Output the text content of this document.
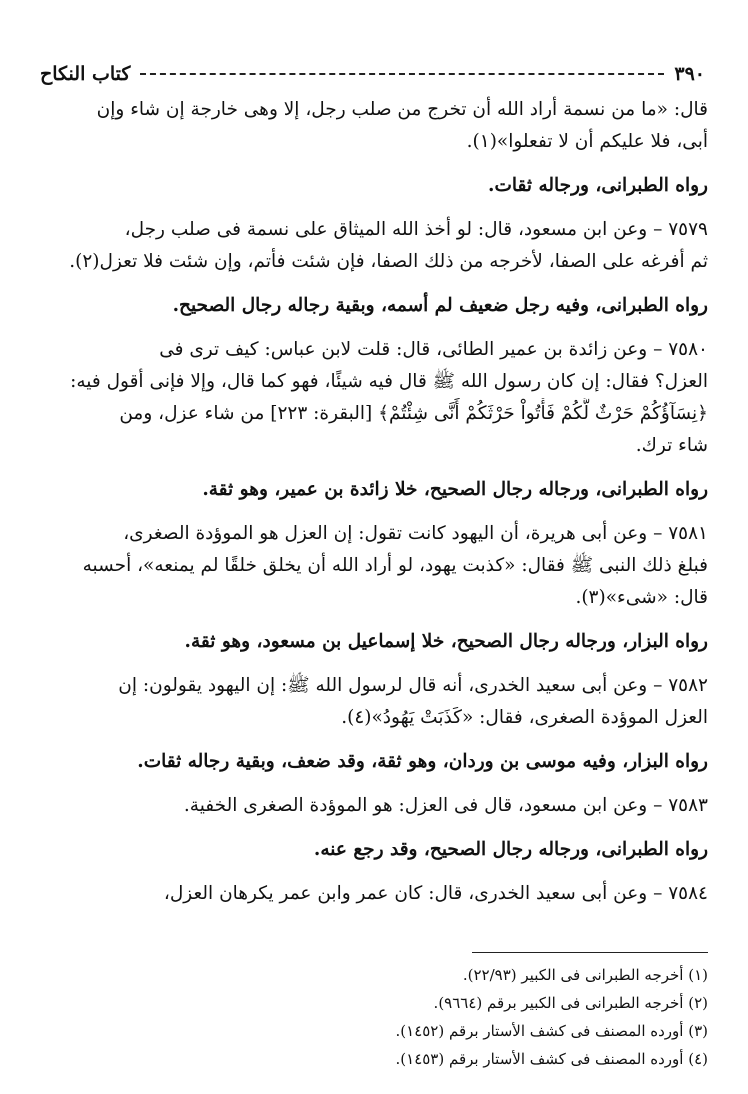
٣٩٠
كتاب النكاح

قال: «ما من نسمة أراد الله أن تخرج من صلب رجل، إلا وهى خارجة إن شاء وإن

أبى، فلا عليكم أن لا تفعلوا»(١).

رواه الطبرانى، ورجاله ثقات.

٧٥٧٩ – وعن ابن مسعود، قال: لو أخذ الله الميثاق على نسمة فى صلب رجل،

ثم أفرغه على الصفا، لأخرجه من ذلك الصفا، فإن شئت فأتم، وإن شئت فلا تعزل(٢).

رواه الطبرانى، وفيه رجل ضعيف لم أسمه، وبقية رجاله رجال الصحيح.

٧٥٨٠ – وعن زائدة بن عمير الطائى، قال: قلت لابن عباس: كيف ترى فى

العزل؟ فقال: إن كان رسول الله ﷺ قال فيه شيئًا، فهو كما قال، وإلا فإنى أقول فيه:

﴿نِسَآؤُكُمْ حَرْثٌ لَّكُمْ فَأْتُواْ حَرْثَكُمْ أَنَّى شِئْتُمْ﴾ [البقرة: ٢٢٣] من شاء عزل، ومن

شاء ترك.

رواه الطبرانى، ورجاله رجال الصحيح، خلا زائدة بن عمير، وهو ثقة.

٧٥٨١ – وعن أبى هريرة، أن اليهود كانت تقول: إن العزل هو الموؤدة الصغرى،

فبلغ ذلك النبى ﷺ فقال: «كذبت يهود، لو أراد الله أن يخلق خلقًا لم يمنعه»، أحسبه

قال: «شىء»(٣).

رواه البزار، ورجاله رجال الصحيح، خلا إسماعيل بن مسعود، وهو ثقة.

٧٥٨٢ – وعن أبى سعيد الخدرى، أنه قال لرسول الله ﷺ: إن اليهود يقولون: إن

العزل الموؤدة الصغرى، فقال: «كَذَبَتْ يَهُودُ»(٤).

رواه البزار، وفيه موسى بن وردان، وهو ثقة، وقد ضعف، وبقية رجاله ثقات.

٧٥٨٣ – وعن ابن مسعود، قال فى العزل: هو الموؤدة الصغرى الخفية.

رواه الطبرانى، ورجاله رجال الصحيح، وقد رجع عنه.

٧٥٨٤ – وعن أبى سعيد الخدرى، قال: كان عمر وابن عمر يكرهان العزل،

(١) أخرجه الطبرانى فى الكبير (٢٢/٩٣).

(٢) أخرجه الطبرانى فى الكبير برقم (٩٦٦٤).

(٣) أورده المصنف فى كشف الأستار برقم (١٤٥٢).

(٤) أورده المصنف فى كشف الأستار برقم (١٤٥٣).
